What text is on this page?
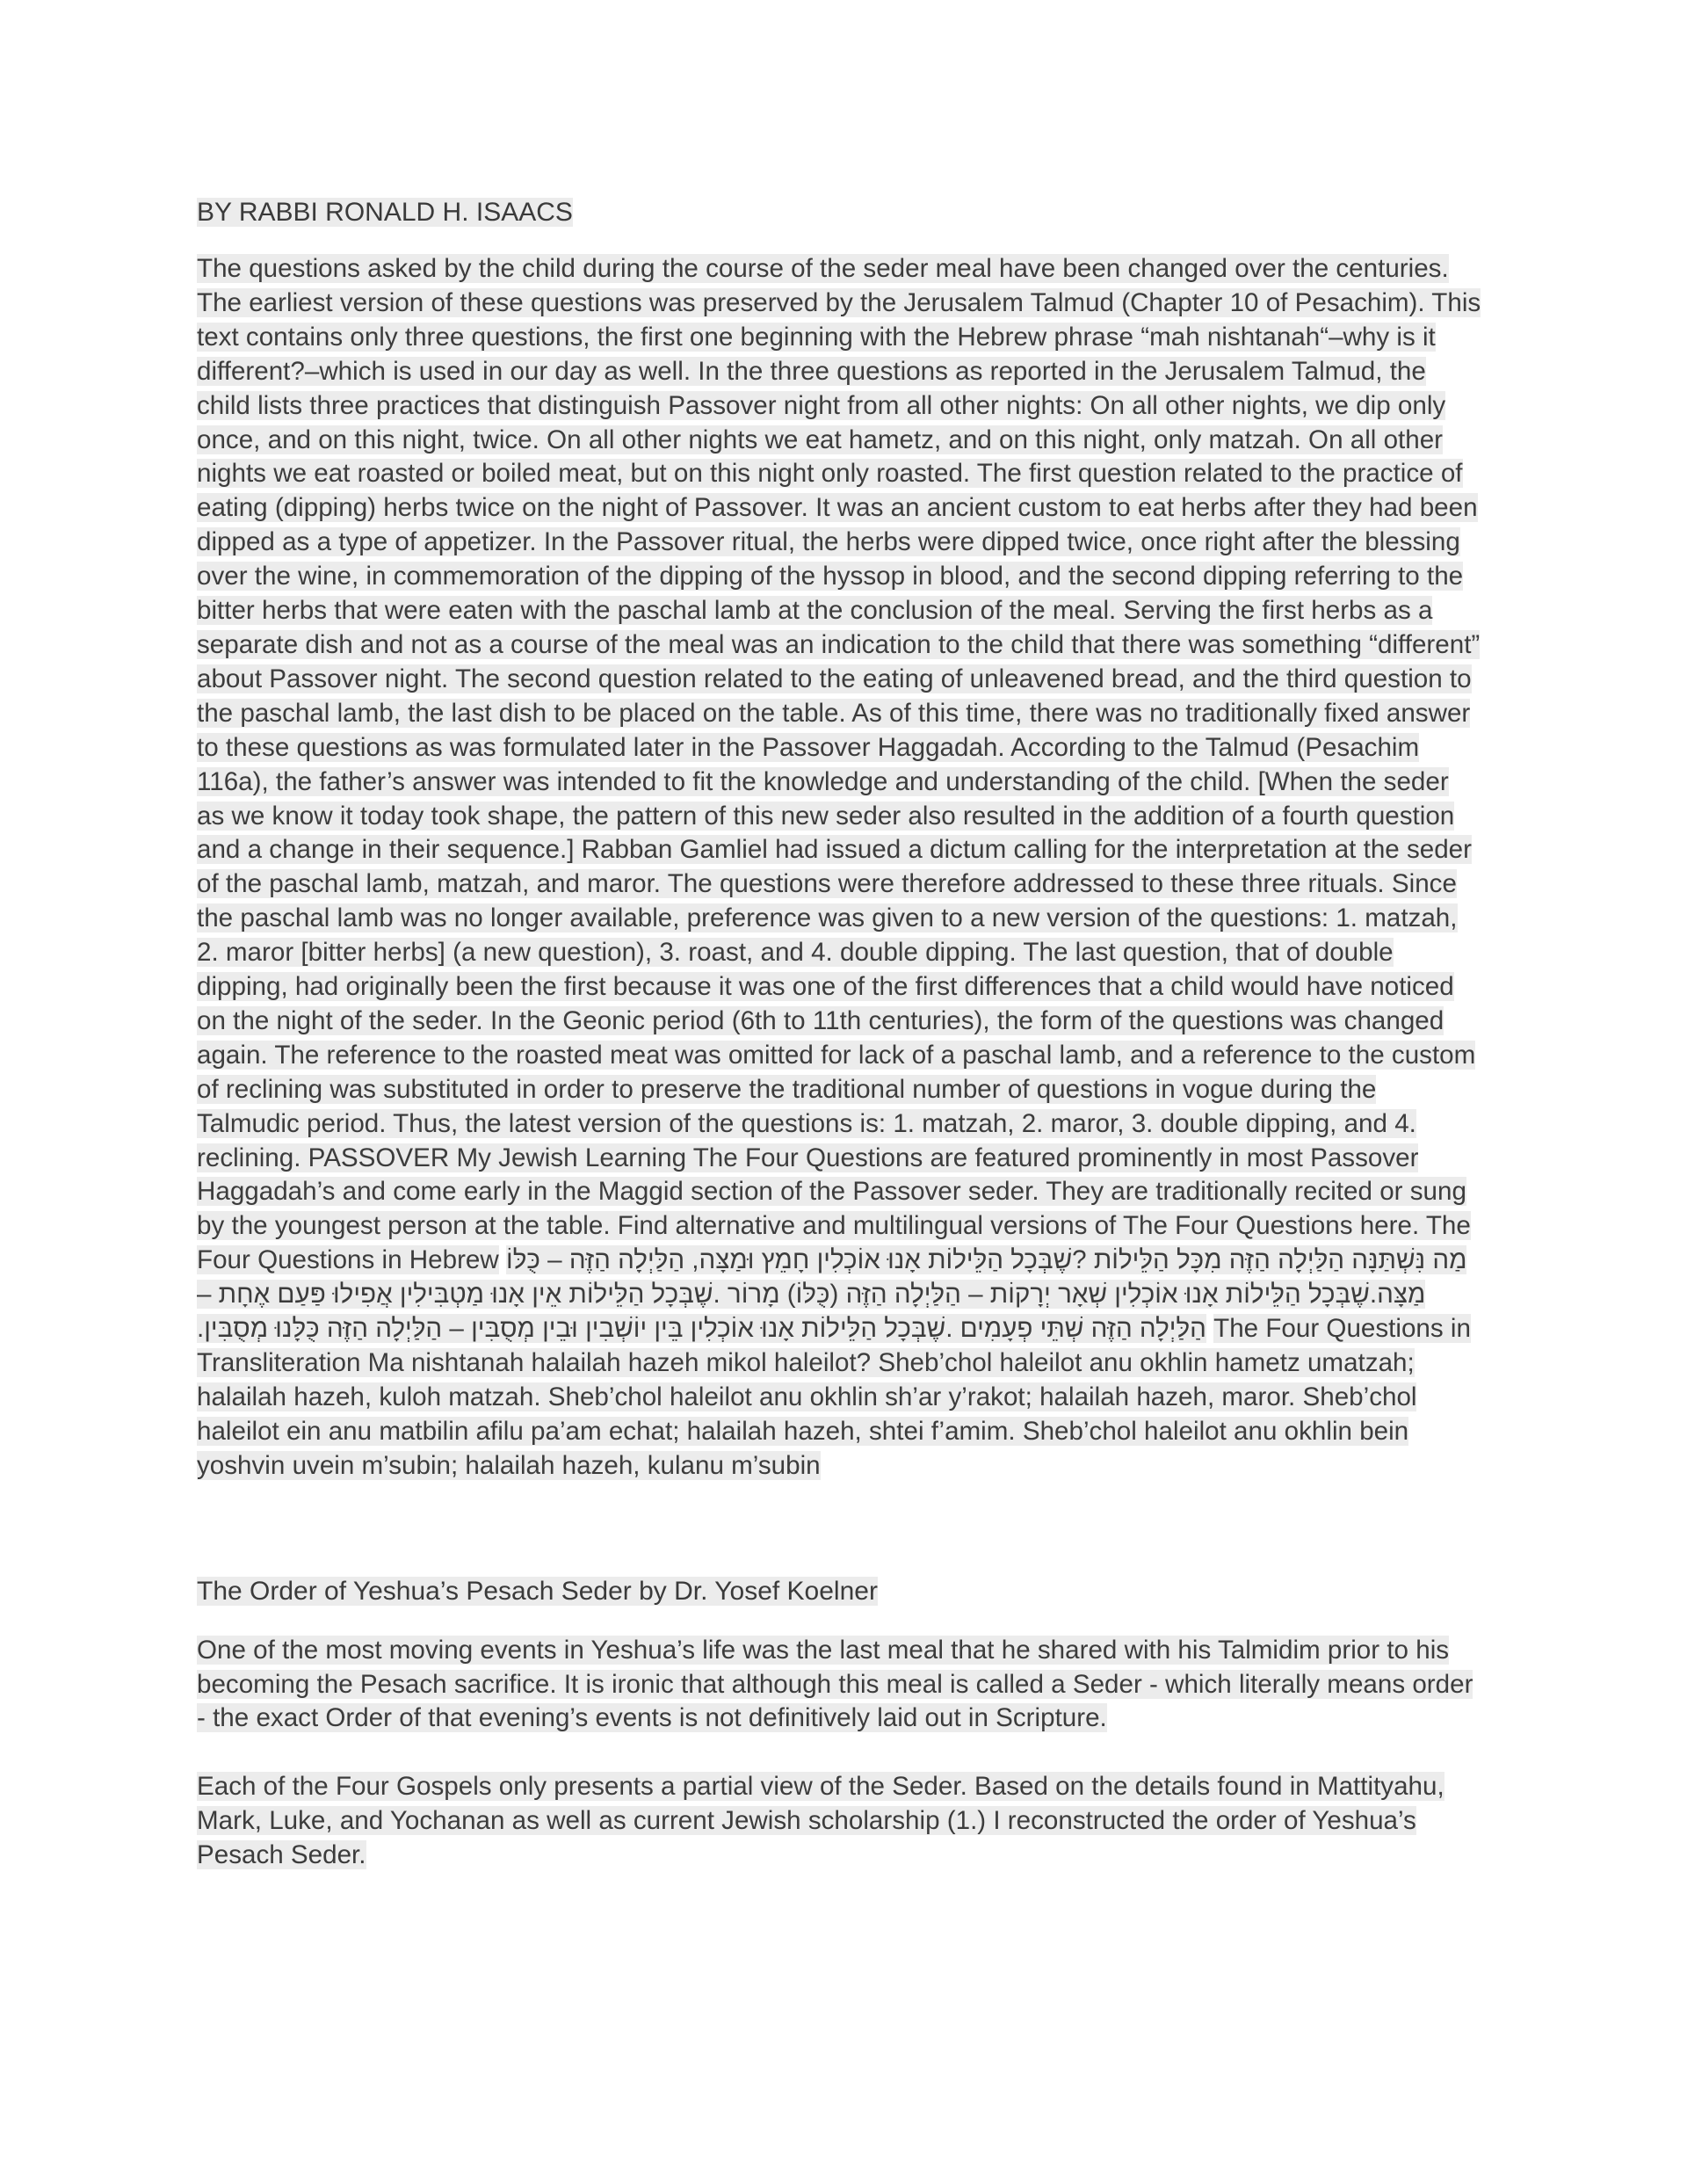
BY RABBI RONALD H. ISAACS

The questions asked by the child during the course of the seder meal have been changed over the centuries. The earliest version of these questions was preserved by the Jerusalem Talmud (Chapter 10 of Pesachim). This text contains only three questions, the first one beginning with the Hebrew phrase “mah nishtanah“–why is it different?–which is used in our day as well. In the three questions as reported in the Jerusalem Talmud, the child lists three practices that distinguish Passover night from all other nights: On all other nights, we dip only once, and on this night, twice. On all other nights we eat hametz, and on this night, only matzah. On all other nights we eat roasted or boiled meat, but on this night only roasted. The first question related to the practice of eating (dipping) herbs twice on the night of Passover. It was an ancient custom to eat herbs after they had been dipped as a type of appetizer. In the Passover ritual, the herbs were dipped twice, once right after the blessing over the wine, in commemoration of the dipping of the hyssop in blood, and the second dipping referring to the bitter herbs that were eaten with the paschal lamb at the conclusion of the meal. Serving the first herbs as a separate dish and not as a course of the meal was an indication to the child that there was something “different” about Passover night. The second question related to the eating of unleavened bread, and the third question to the paschal lamb, the last dish to be placed on the table. As of this time, there was no traditionally fixed answer to these questions as was formulated later in the Passover Haggadah. According to the Talmud (Pesachim 116a), the father’s answer was intended to fit the knowledge and understanding of the child. [When the seder as we know it today took shape, the pattern of this new seder also resulted in the addition of a fourth question and a change in their sequence.] Rabban Gamliel had issued a dictum calling for the interpretation at the seder of the paschal lamb, matzah, and maror. The questions were therefore addressed to these three rituals. Since the paschal lamb was no longer available, preference was given to a new version of the questions: 1. matzah, 2. maror [bitter herbs] (a new question), 3. roast, and 4. double dipping. The last question, that of double dipping, had originally been the first because it was one of the first differences that a child would have noticed on the night of the seder. In the Geonic period (6th to 11th centuries), the form of the questions was changed again. The reference to the roasted meat was omitted for lack of a paschal lamb, and a reference to the custom of reclining was substituted in order to preserve the traditional number of questions in vogue during the Talmudic period. Thus, the latest version of the questions is: 1. matzah, 2. maror, 3. double dipping, and 4. reclining. PASSOVER My Jewish Learning The Four Questions are featured prominently in most Passover Haggadah’s and come early in the Maggid section of the Passover seder. They are traditionally recited or sung by the youngest person at the table. Find alternative and multilingual versions of The Four Questions here. The Four Questions in Hebrew מַה נִּשְׁתַּנָּה הַלַּיְלָה הַזֶּה מִכָּל הַלֵּילוֹת ?שֶׁבְּכָל הַלֵּילוֹת אָנוּ אוֹכְלִין חָמֵץ וּמַצָּה, הַלַּיְלָה הַזֶּה – כֻּלּוֹ מַצָּה.שֶׁבְּכָל הַלֵּילוֹת אָנוּ אוֹכְלִין שְׁאָר יְרָקוֹת – הַלַּיְלָה הַזֶּה (כֻּלּוֹ) מָרוֹר .שֶׁבְּכָל הַלֵּילוֹת אֵין אָנוּ מַטְבִּילִין אֲפִילוּ פַּעַם אֶחָת – הַלַּיְלָה הַזֶּה שְׁתֵּי פְעָמִים .שֶׁבְּכָל הַלֵּילוֹת אָנוּ אוֹכְלִין בֵּין יוֹשְׁבִין וּבֵין מְסֻבִּין – הַלַּיְלָה הַזֶּה כֻּלָּנוּ מְסֻבִּין. The Four Questions in Transliteration Ma nishtanah halailah hazeh mikol haleilot? Sheb’chol haleilot anu okhlin hametz umatzah; halailah hazeh, kuloh matzah. Sheb’chol haleilot anu okhlin sh’ar y’rakot; halailah hazeh, maror. Sheb’chol haleilot ein anu matbilin afilu pa’am echat; halailah hazeh, shtei f’amim. Sheb’chol haleilot anu okhlin bein yoshvin uvein m’subin; halailah hazeh, kulanu m’subin

The Order of Yeshua’s Pesach Seder by Dr. Yosef Koelner

One of the most moving events in Yeshua’s life was the last meal that he shared with his Talmidim prior to his becoming the Pesach sacrifice. It is ironic that although this meal is called a Seder - which literally means order - the exact Order of that evening’s events is not definitively laid out in Scripture.

Each of the Four Gospels only presents a partial view of the Seder. Based on the details found in Mattityahu, Mark, Luke, and Yochanan as well as current Jewish scholarship (1.) I reconstructed the order of Yeshua’s Pesach Seder.
